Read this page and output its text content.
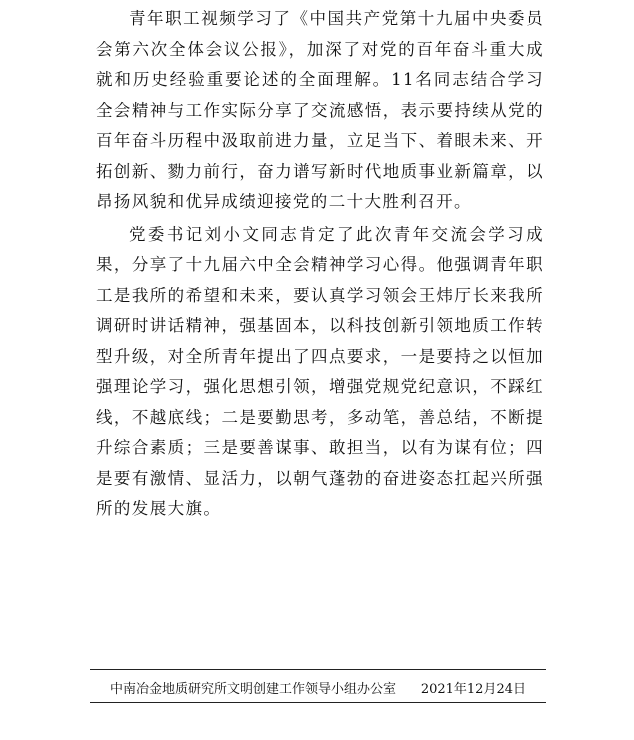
青年职工视频学习了《中国共产党第十九届中央委员会第六次全体会议公报》，加深了对党的百年奋斗重大成就和历史经验重要论述的全面理解。11名同志结合学习全会精神与工作实际分享了交流感悟，表示要持续从党的百年奋斗历程中汲取前进力量，立足当下、着眼未来、开拓创新、勠力前行，奋力谱写新时代地质事业新篇章，以昂扬风貌和优异成绩迎接党的二十大胜利召开。

党委书记刘小文同志肯定了此次青年交流会学习成果，分享了十九届六中全会精神学习心得。他强调青年职工是我所的希望和未来，要认真学习领会王炜厅长来我所调研时讲话精神，强基固本，以科技创新引领地质工作转型升级，对全所青年提出了四点要求，一是要持之以恒加强理论学习，强化思想引领，增强党规党纪意识，不踩红线，不越底线；二是要勤思考，多动笔，善总结，不断提升综合素质；三是要善谋事、敢担当，以有为谋有位；四是要有激情、显活力，以朝气蓬勃的奋进姿态扛起兴所强所的发展大旗。

中南冶金地质研究所文明创建工作领导小组办公室 2021年12月24日
